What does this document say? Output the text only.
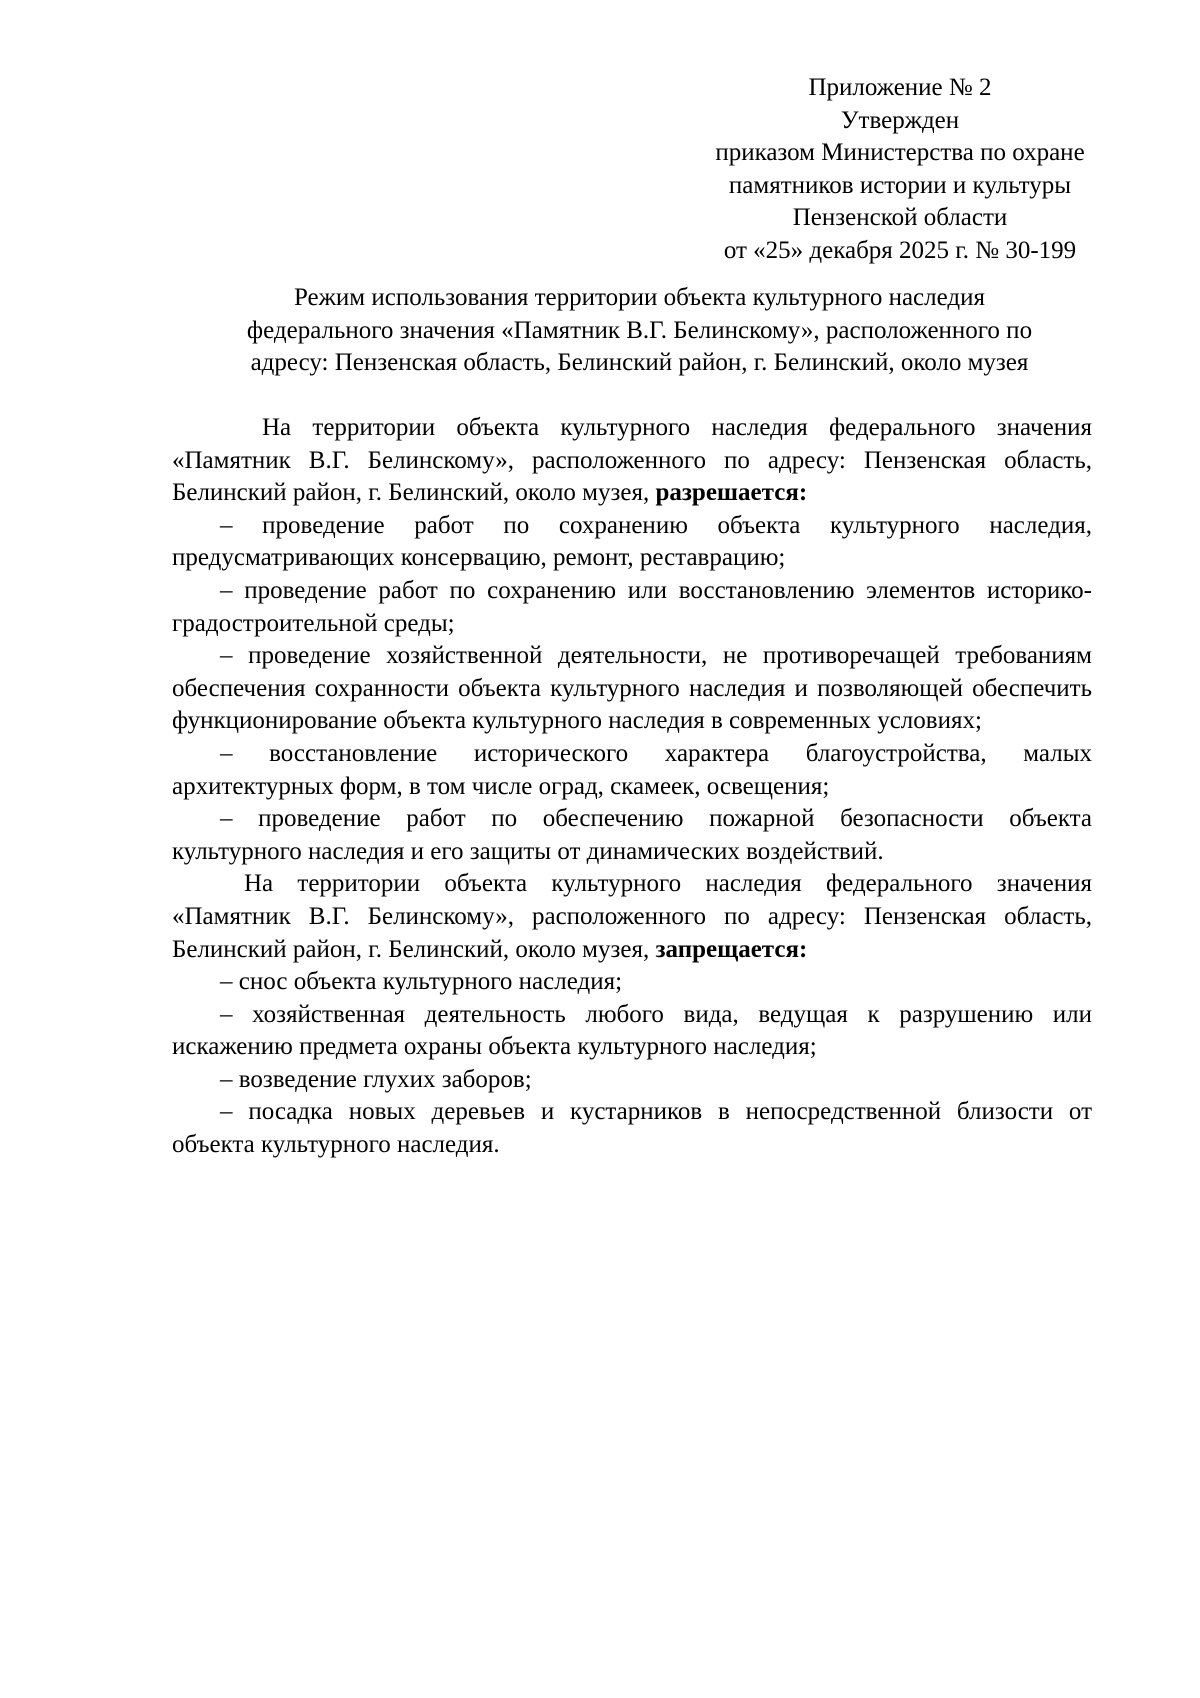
Приложение № 2
Утвержден
приказом Министерства по охране
памятников истории и культуры
Пензенской области
от «25» декабря 2025 г. № 30-199
Режим использования территории объекта культурного наследия
федерального значения «Памятник В.Г. Белинскому», расположенного по
адресу: Пензенская область, Белинский район, г. Белинский, около музея

На территории объекта культурного наследия федерального значения «Памятник В.Г. Белинскому», расположенного по адресу: Пензенская область, Белинский район, г. Белинский, около музея, разрешается:

– проведение работ по сохранению объекта культурного наследия, предусматривающих консервацию, ремонт, реставрацию;

– проведение работ по сохранению или восстановлению элементов историко-градостроительной среды;

– проведение хозяйственной деятельности, не противоречащей требованиям обеспечения сохранности объекта культурного наследия и позволяющей обеспечить функционирование объекта культурного наследия в современных условиях;

– восстановление исторического характера благоустройства, малых архитектурных форм, в том числе оград, скамеек, освещения;

– проведение работ по обеспечению пожарной безопасности объекта культурного наследия и его защиты от динамических воздействий.

На территории объекта культурного наследия федерального значения «Памятник В.Г. Белинскому», расположенного по адресу: Пензенская область, Белинский район, г. Белинский, около музея, запрещается:

– снос объекта культурного наследия;

– хозяйственная деятельность любого вида, ведущая к разрушению или искажению предмета охраны объекта культурного наследия;

– возведение глухих заборов;

– посадка новых деревьев и кустарников в непосредственной близости от объекта культурного наследия.
